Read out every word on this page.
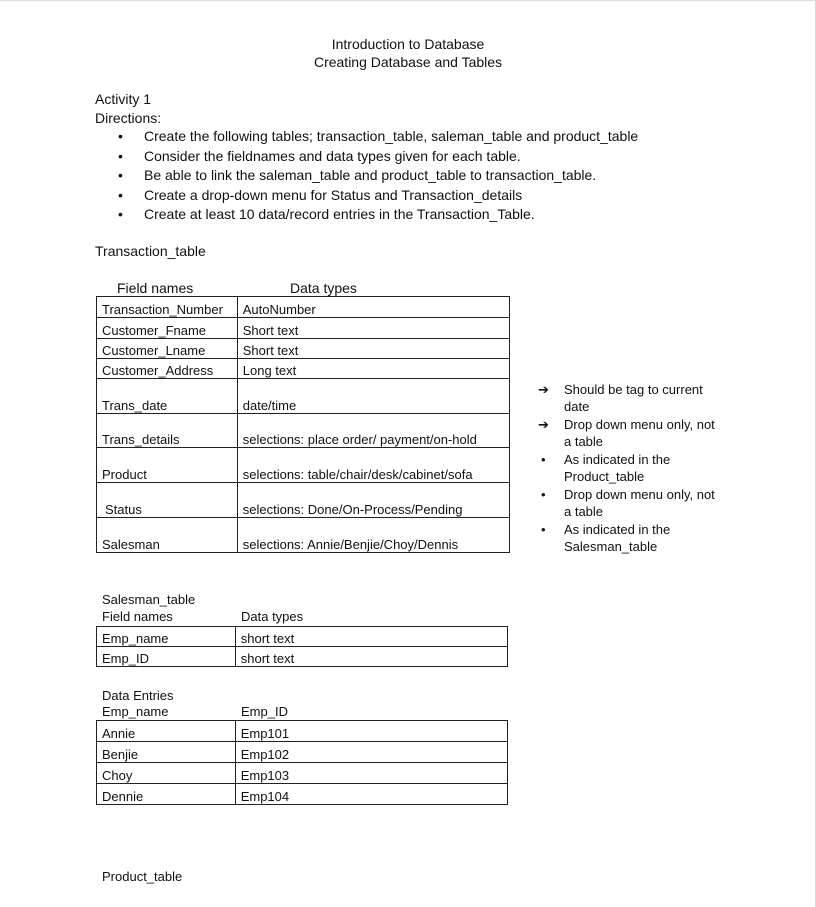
Introduction to Database
Creating Database and Tables
Activity 1
Directions:
• Create the following tables; transaction_table, saleman_table and product_table
• Consider the fieldnames and data types given for each table.
• Be able to link the saleman_table and product_table to transaction_table.
• Create a drop-down menu for Status and Transaction_details
• Create at least 10 data/record entries in the Transaction_Table.
Transaction_table
Field names	Data types
Transaction_Number	AutoNumber
Customer_Fname	Short text
Customer_Lname	Short text
Customer_Address	Long text
Trans_date	date/time
Trans_details	selections: place order/ payment/on-hold
Product	selections: table/chair/desk/cabinet/sofa
Status	selections: Done/On-Process/Pending
Salesman	selections: Annie/Benjie/Choy/Dennis
➔	Should be tag to current
date
➔	Drop down menu only, not
a table
•	As indicated in the
Product_table
•	Drop down menu only, not
a table
•	As indicated in the
Salesman_table
Salesman_table
Field names	Data types
Emp_name	short text
Emp_ID	short text
Data Entries
Emp_name	Emp_ID
Annie	Emp101
Benjie	Emp102
Choy	Emp103
Dennie	Emp104
Product_table
